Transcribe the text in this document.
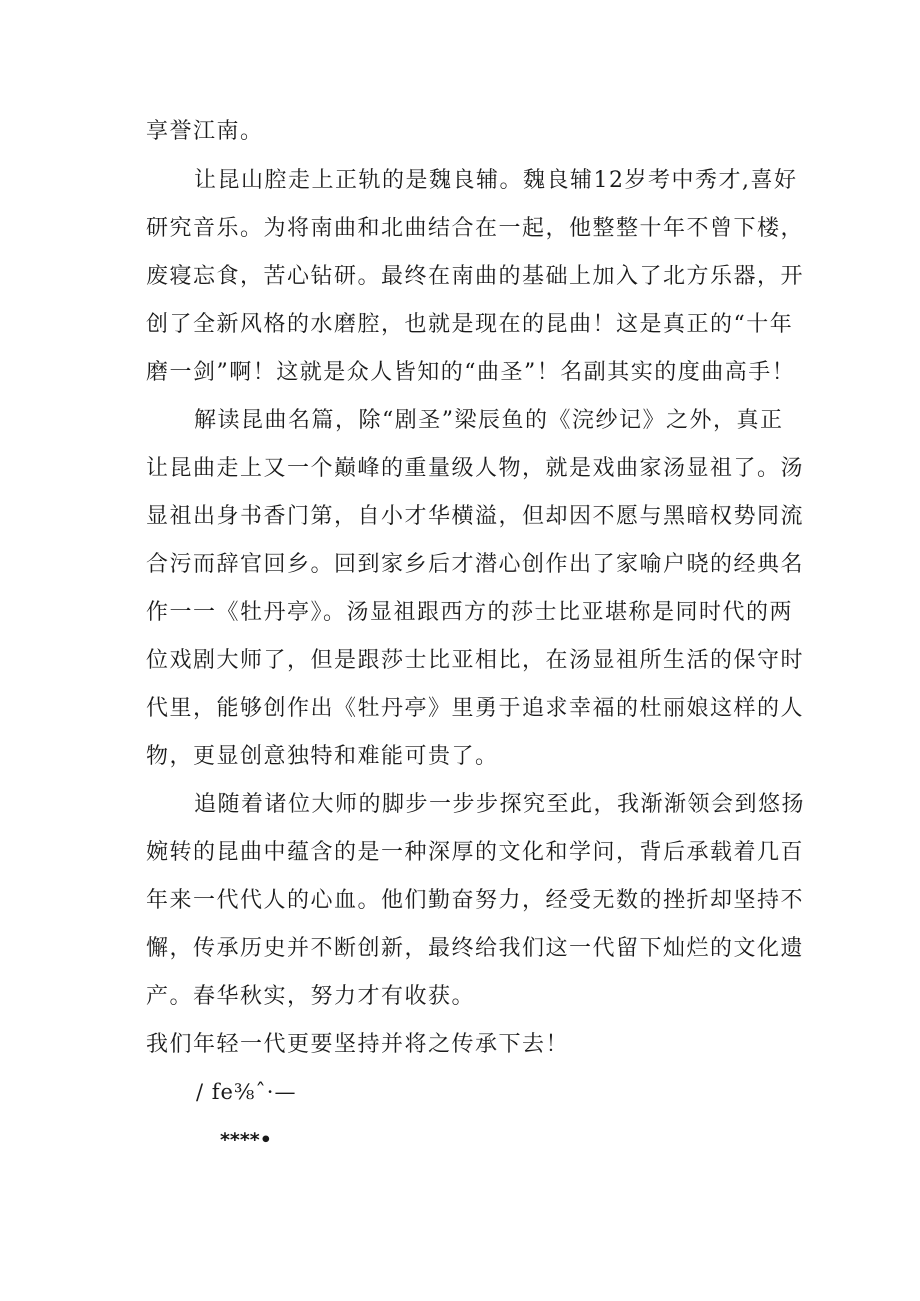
享誉江南。
让昆山腔走上正轨的是魏良辅。魏良辅12岁考中秀才,喜好
研究音乐。为将南曲和北曲结合在一起，他整整十年不曾下楼，
废寝忘食，苦心钻研。最终在南曲的基础上加入了北方乐器，开
创了全新风格的水磨腔，也就是现在的昆曲！这是真正的“十年
磨一剑”啊！这就是众人皆知的“曲圣”！名副其实的度曲高手！
解读昆曲名篇，除“剧圣”梁辰鱼的《浣纱记》之外，真正
让昆曲走上又一个巅峰的重量级人物，就是戏曲家汤显祖了。汤
显祖出身书香门第，自小才华横溢，但却因不愿与黑暗权势同流
合污而辞官回乡。回到家乡后才潜心创作出了家喻户晓的经典名
作一一《牡丹亭》。汤显祖跟西方的莎士比亚堪称是同时代的两
位戏剧大师了，但是跟莎士比亚相比，在汤显祖所生活的保守时
代里，能够创作出《牡丹亭》里勇于追求幸福的杜丽娘这样的人
物，更显创意独特和难能可贵了。
追随着诸位大师的脚步一步步探究至此，我渐渐领会到悠扬
婉转的昆曲中蕴含的是一种深厚的文化和学问，背后承载着几百
年来一代代人的心血。他们勤奋努力，经受无数的挫折却坚持不
懈，传承历史并不断创新，最终给我们这一代留下灿烂的文化遗
产。春华秋实，努力才有收获。
我们年轻一代更要坚持并将之传承下去！
/ fe⅜ˆ·—
****•
